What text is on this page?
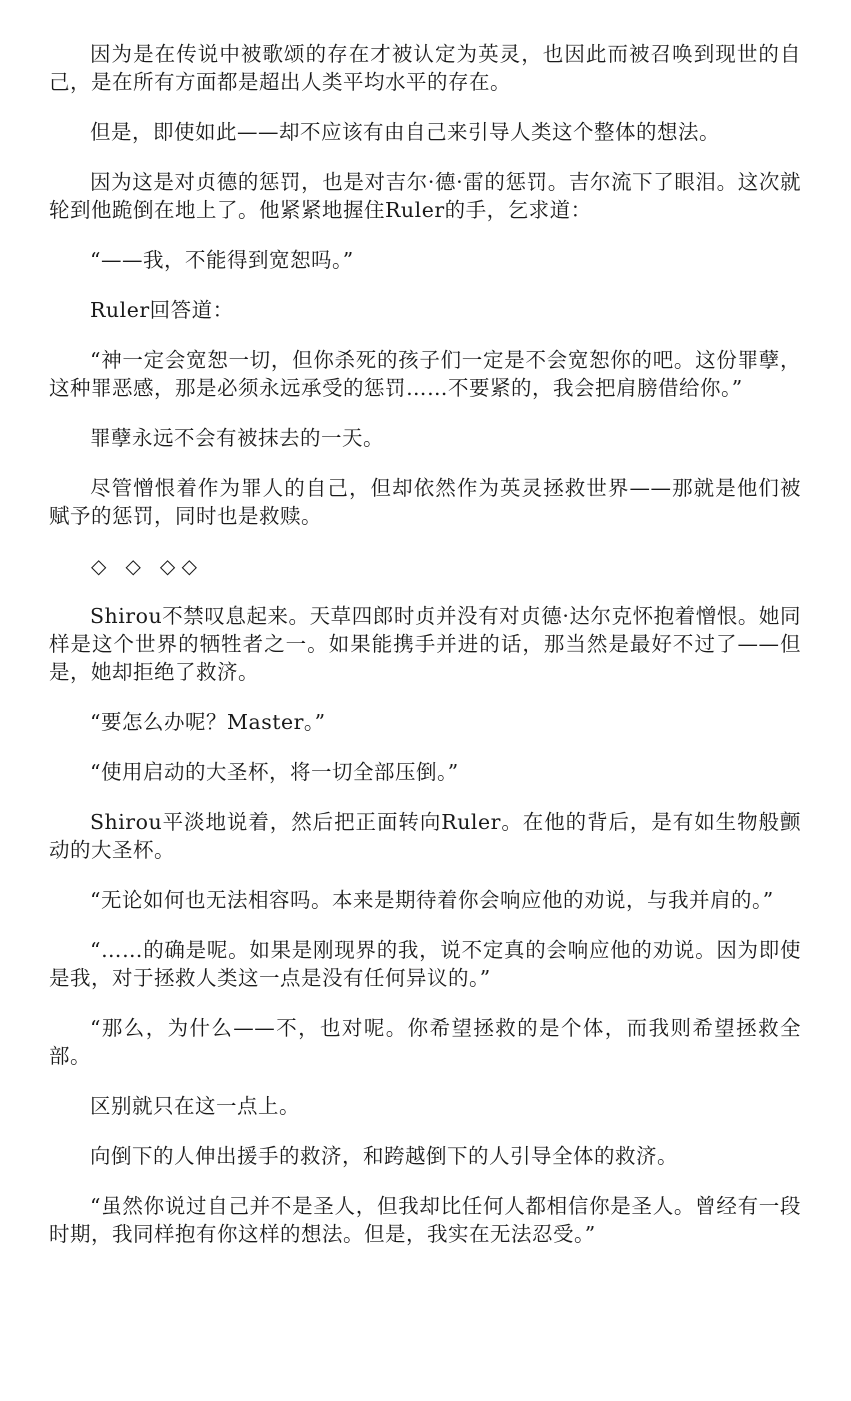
因为是在传说中被歌颂的存在才被认定为英灵，也因此而被召唤到现世的自己，是在所有方面都是超出人类平均水平的存在。

但是，即使如此——却不应该有由自己来引导人类这个整体的想法。

因为这是对贞德的惩罚，也是对吉尔·德·雷的惩罚。吉尔流下了眼泪。这次就轮到他跪倒在地上了。他紧紧地握住Ruler的手，乞求道：

“——我，不能得到宽恕吗。”

Ruler回答道：

“神一定会宽恕一切，但你杀死的孩子们一定是不会宽恕你的吧。这份罪孽，这种罪恶感，那是必须永远承受的惩罚……不要紧的，我会把肩膀借给你。”

罪孽永远不会有被抹去的一天。

尽管憎恨着作为罪人的自己，但却依然作为英灵拯救世界——那就是他们被赋予的惩罚，同时也是救赎。

◇   ◇   ◇ ◇

Shirou不禁叹息起来。天草四郎时贞并没有对贞德·达尔克怀抱着憎恨。她同样是这个世界的牺牲者之一。如果能携手并进的话，那当然是最好不过了——但是，她却拒绝了救济。

“要怎么办呢？Master。”

“使用启动的大圣杯，将一切全部压倒。”

Shirou平淡地说着，然后把正面转向Ruler。在他的背后，是有如生物般颤动的大圣杯。

“无论如何也无法相容吗。本来是期待着你会响应他的劝说，与我并肩的。”

“……的确是呢。如果是刚现界的我，说不定真的会响应他的劝说。因为即使是我，对于拯救人类这一点是没有任何异议的。”

“那么，为什么——不，也对呢。你希望拯救的是个体，而我则希望拯救全部。

区别就只在这一点上。

向倒下的人伸出援手的救济，和跨越倒下的人引导全体的救济。

“虽然你说过自己并不是圣人，但我却比任何人都相信你是圣人。曾经有一段时期，我同样抱有你这样的想法。但是，我实在无法忍受。”
